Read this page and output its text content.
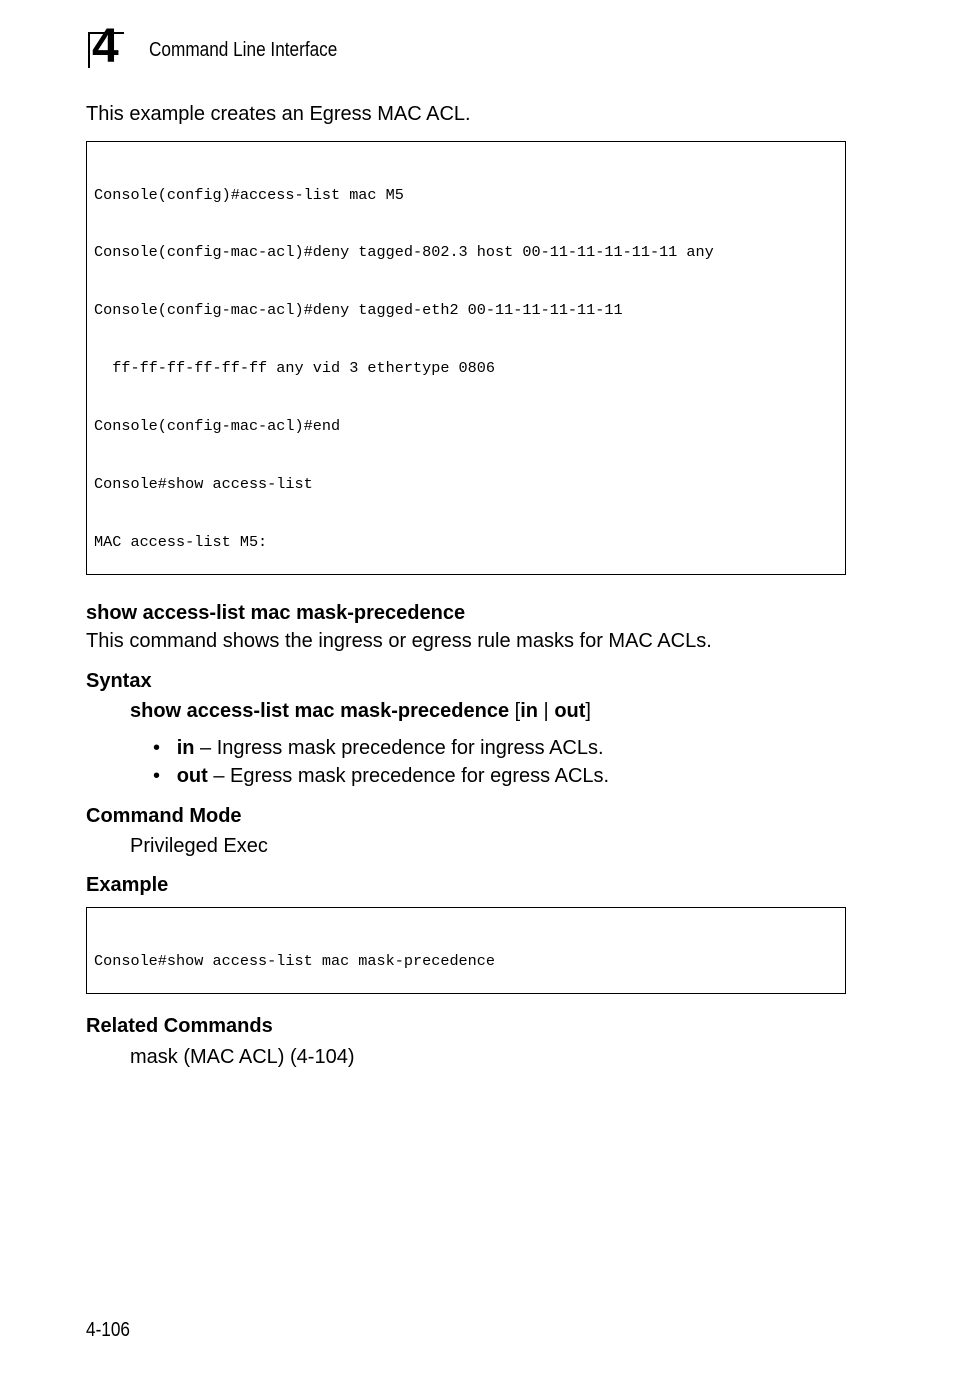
4 Command Line Interface
This example creates an Egress MAC ACL.

Console(config)#access-list mac M5

Console(config-mac-acl)#deny tagged-802.3 host 00-11-11-11-11-11 any

Console(config-mac-acl)#deny tagged-eth2 00-11-11-11-11-11

ff-ff-ff-ff-ff-ff any vid 3 ethertype 0806

Console(config-mac-acl)#end

Console#show access-list

MAC access-list M5:

show access-list mac mask-precedence
This command shows the ingress or egress rule masks for MAC ACLs.
Syntax
show access-list mac mask-precedence [in | out]
• in – Ingress mask precedence for ingress ACLs.
• out – Egress mask precedence for egress ACLs.
Command Mode
Privileged Exec
Example

Console#show access-list mac mask-precedence

Related Commands
mask (MAC ACL) (4-104)
4-106
